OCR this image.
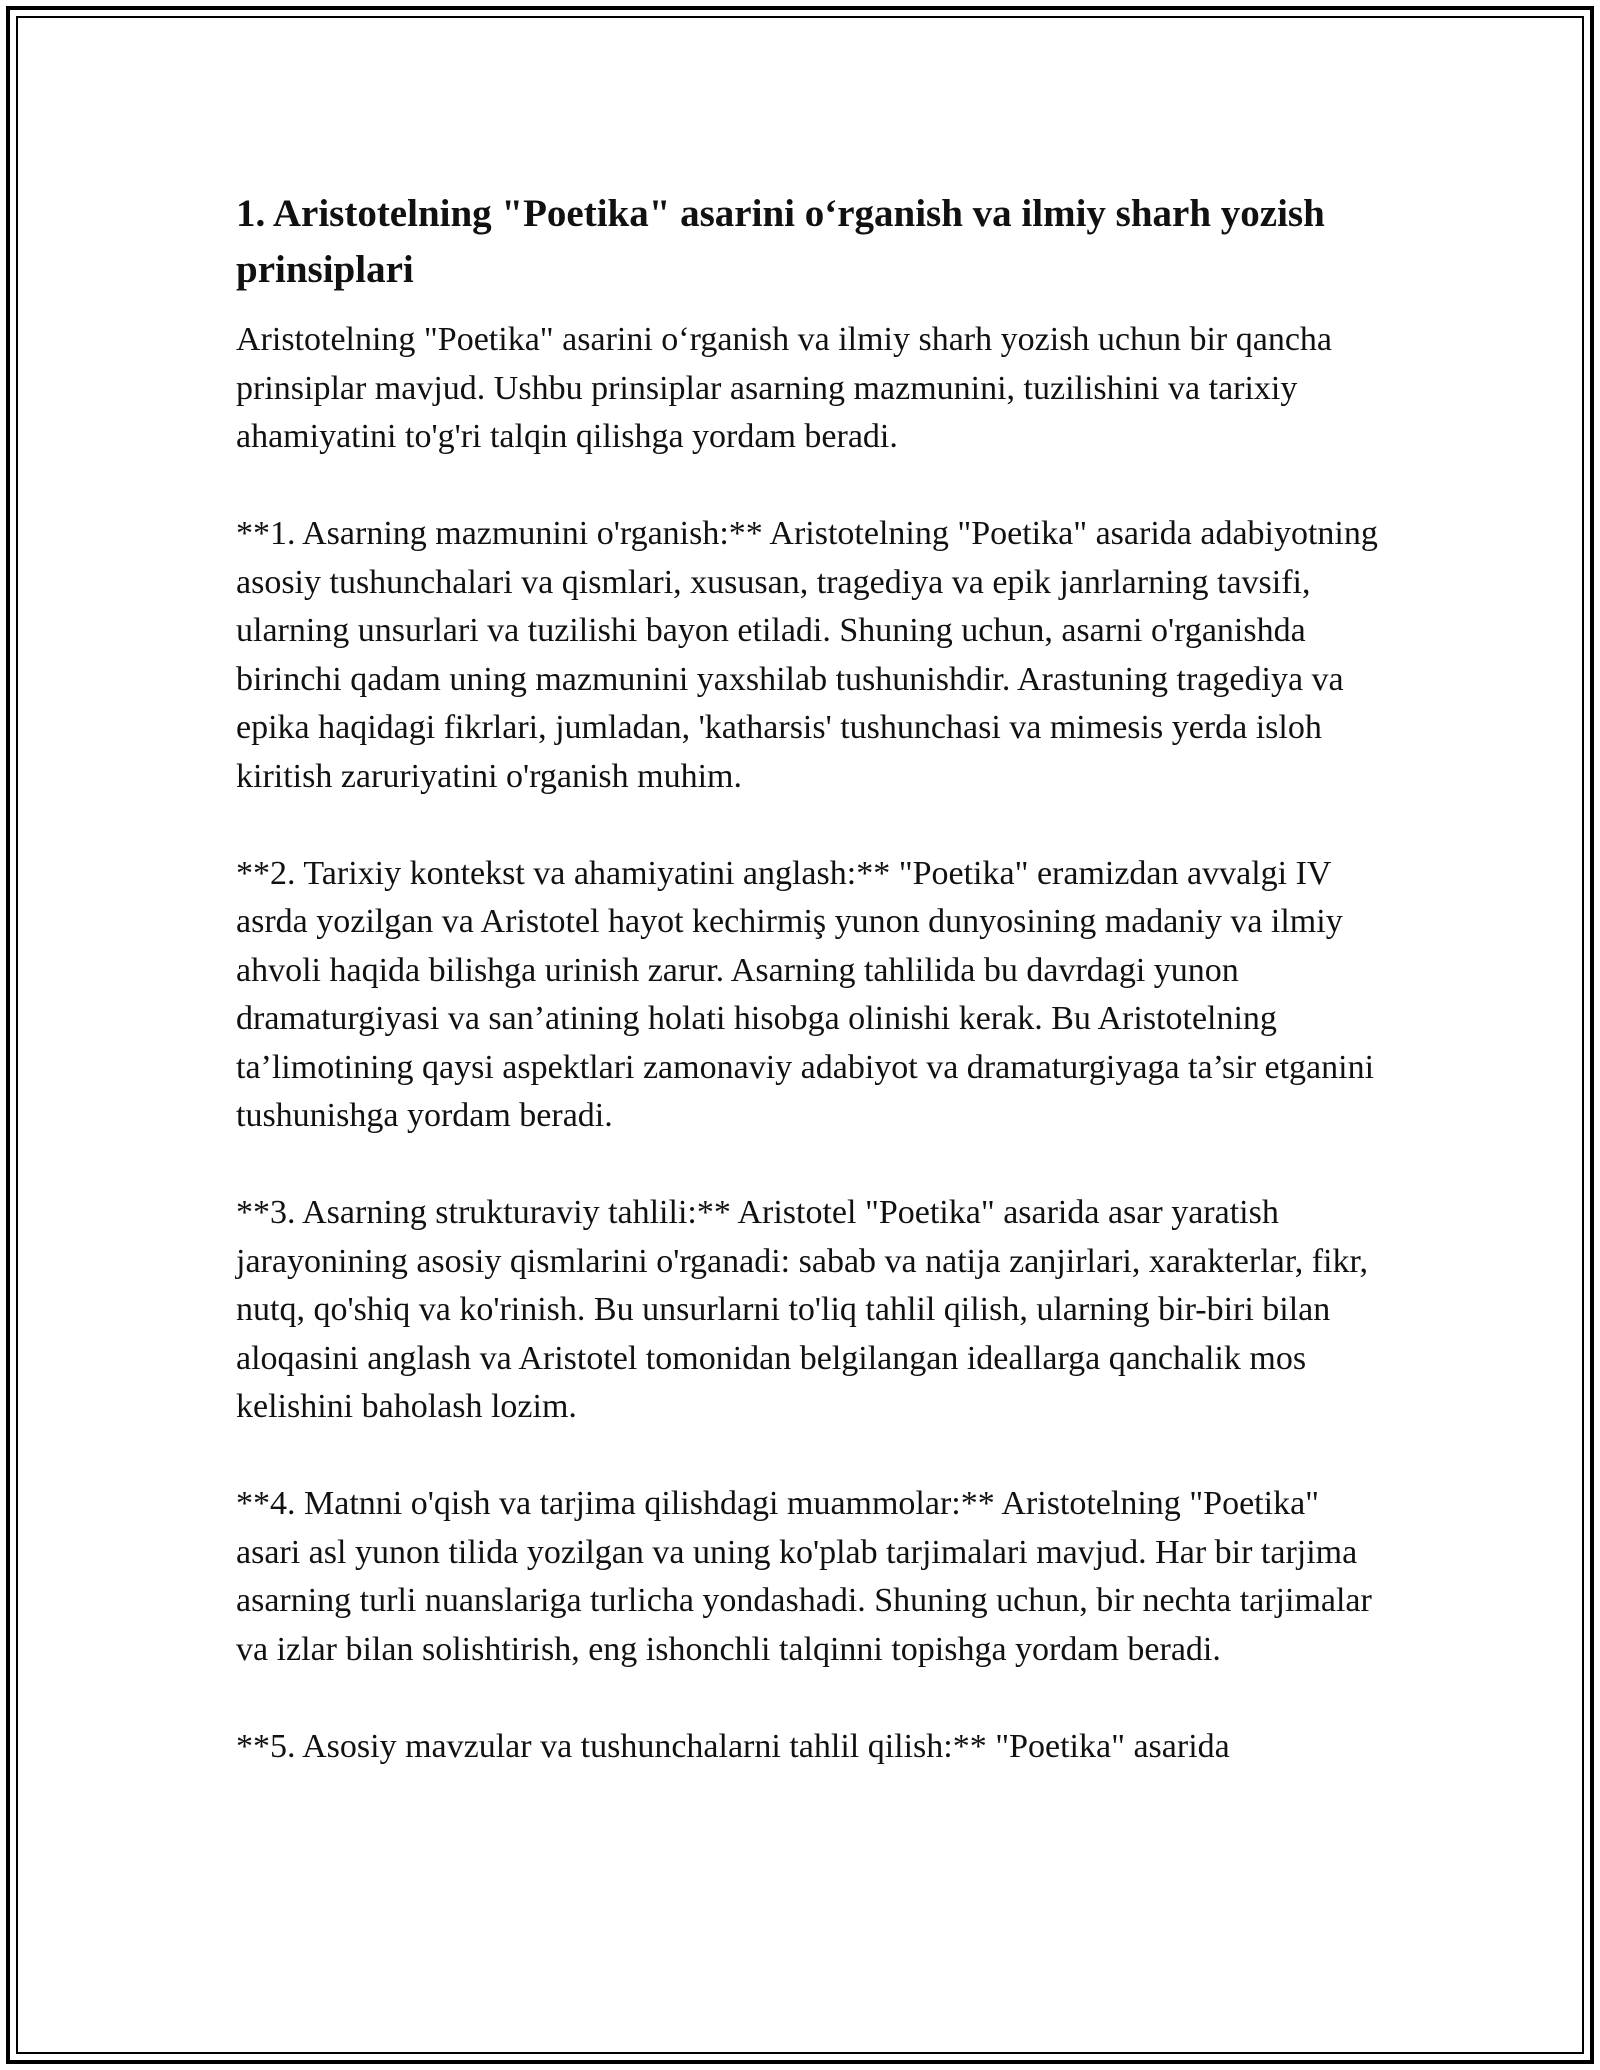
1. Aristotelning "Poetika" asarini o‘rganish va ilmiy sharh yozish prinsiplari

Aristotelning "Poetika" asarini o‘rganish va ilmiy sharh yozish uchun bir qancha prinsiplar mavjud. Ushbu prinsiplar asarning mazmunini, tuzilishini va tarixiy ahamiyatini to'g'ri talqin qilishga yordam beradi.

**1. Asarning mazmunini o'rganish:** Aristotelning "Poetika" asarida adabiyotning asosiy tushunchalari va qismlari, xususan, tragediya va epik janrlarning tavsifi, ularning unsurlari va tuzilishi bayon etiladi. Shuning uchun, asarni o'rganishda birinchi qadam uning mazmunini yaxshilab tushunishdir. Arastuning tragediya va epika haqidagi fikrlari, jumladan, 'katharsis' tushunchasi va mimesis yerda isloh kiritish zaruriyatini o'rganish muhim.

**2. Tarixiy kontekst va ahamiyatini anglash:** "Poetika" eramizdan avvalgi IV asrda yozilgan va Aristotel hayot kechirmiş yunon dunyosining madaniy va ilmiy ahvoli haqida bilishga urinish zarur. Asarning tahlilida bu davrdagi yunon dramaturgiyasi va san’atining holati hisobga olinishi kerak. Bu Aristotelning ta’limotining qaysi aspektlari zamonaviy adabiyot va dramaturgiyaga ta’sir etganini tushunishga yordam beradi.

**3. Asarning strukturaviy tahlili:** Aristotel "Poetika" asarida asar yaratish jarayonining asosiy qismlarini o'rganadi: sabab va natija zanjirlari, xarakterlar, fikr, nutq, qo'shiq va ko'rinish. Bu unsurlarni to'liq tahlil qilish, ularning bir-biri bilan aloqasini anglash va Aristotel tomonidan belgilangan ideallarga qanchalik mos kelishini baholash lozim.

**4. Matnni o'qish va tarjima qilishdagi muammolar:** Aristotelning "Poetika" asari asl yunon tilida yozilgan va uning ko'plab tarjimalari mavjud. Har bir tarjima asarning turli nuanslariga turlicha yondashadi. Shuning uchun, bir nechta tarjimalar va izlar bilan solishtirish, eng ishonchli talqinni topishga yordam beradi.

**5. Asosiy mavzular va tushunchalarni tahlil qilish:** "Poetika" asarida
